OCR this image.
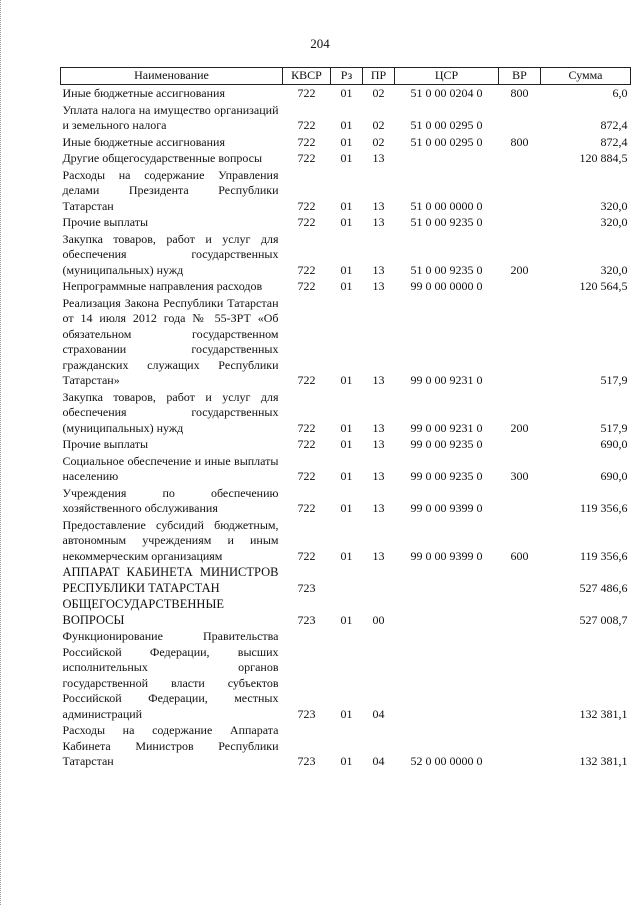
204
Наименование	КВСР	Рз	ПР	ЦСР	ВР	Сумма
Иные бюджетные ассигнования	722	01	02	51 0 00 0204 0	800	6,0
Уплата налога на имущество организаций и земельного налога	722	01	02	51 0 00 0295 0		872,4
Иные бюджетные ассигнования	722	01	02	51 0 00 0295 0	800	872,4
Другие общегосударственные вопросы	722	01	13			120 884,5
Расходы на содержание Управления делами Президента Республики Татарстан	722	01	13	51 0 00 0000 0		320,0
Прочие выплаты	722	01	13	51 0 00 9235 0		320,0
Закупка товаров, работ и услуг для обеспечения государственных (муниципальных) нужд	722	01	13	51 0 00 9235 0	200	320,0
Непрограммные направления расходов	722	01	13	99 0 00 0000 0		120 564,5
Реализация Закона Республики Татарстан от 14 июля 2012 года № 55-ЗРТ «Об обязательном государственном страховании государственных гражданских служащих Республики Татарстан»	722	01	13	99 0 00 9231 0		517,9
Закупка товаров, работ и услуг для обеспечения государственных (муниципальных) нужд	722	01	13	99 0 00 9231 0	200	517,9
Прочие выплаты	722	01	13	99 0 00 9235 0		690,0
Социальное обеспечение и иные выплаты населению	722	01	13	99 0 00 9235 0	300	690,0
Учреждения по обеспечению хозяйственного обслуживания	722	01	13	99 0 00 9399 0		119 356,6
Предоставление субсидий бюджетным, автономным учреждениям и иным некоммерческим организациям	722	01	13	99 0 00 9399 0	600	119 356,6
АППАРАТ КАБИНЕТА МИНИСТРОВ РЕСПУБЛИКИ ТАТАРСТАН	723					527 486,6
ОБЩЕГОСУДАРСТВЕННЫЕ ВОПРОСЫ	723	01	00			527 008,7
Функционирование Правительства Российской Федерации, высших исполнительных органов государственной власти субъектов Российской Федерации, местных администраций	723	01	04			132 381,1
Расходы на содержание Аппарата Кабинета Министров Республики Татарстан	723	01	04	52 0 00 0000 0		132 381,1
